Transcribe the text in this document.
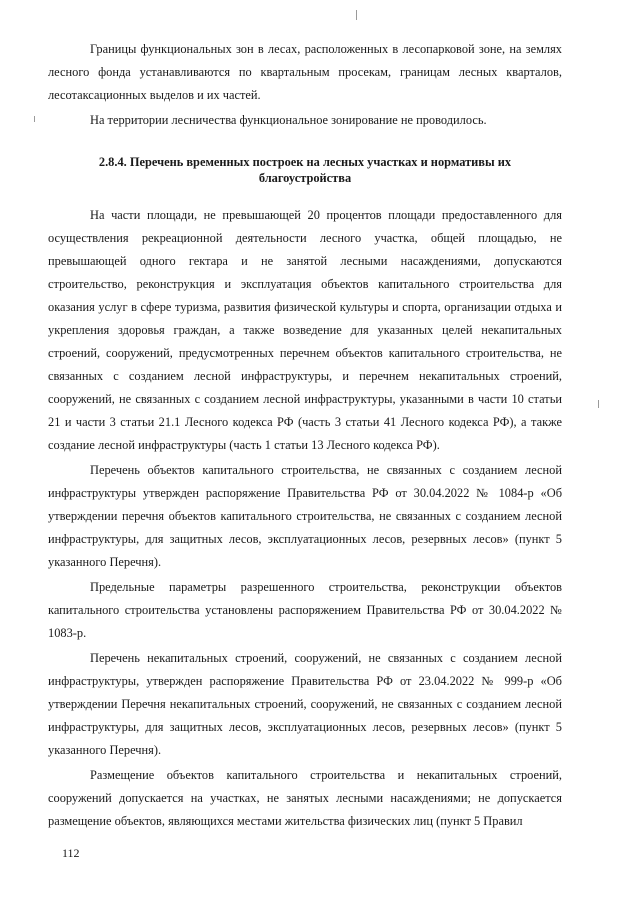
Границы функциональных зон в лесах, расположенных в лесопарковой зоне, на землях лесного фонда устанавливаются по квартальным просекам, границам лесных кварталов, лесотаксационных выделов и их частей.

На территории лесничества функциональное зонирование не проводилось.

2.8.4. Перечень временных построек на лесных участках и нормативы их благоустройства

На части площади, не превышающей 20 процентов площади предоставленного для осуществления рекреационной деятельности лесного участка, общей площадью, не превышающей одного гектара и не занятой лесными насаждениями, допускаются строительство, реконструкция и эксплуатация объектов капитального строительства для оказания услуг в сфере туризма, развития физической культуры и спорта, организации отдыха и укрепления здоровья граждан, а также возведение для указанных целей некапитальных строений, сооружений, предусмотренных перечнем объектов капитального строительства, не связанных с созданием лесной инфраструктуры, и перечнем некапитальных строений, сооружений, не связанных с созданием лесной инфраструктуры, указанными в части 10 статьи 21 и части 3 статьи 21.1 Лесного кодекса РФ (часть 3 статьи 41 Лесного кодекса РФ), а также создание лесной инфраструктуры (часть 1 статьи 13 Лесного кодекса РФ).

Перечень объектов капитального строительства, не связанных с созданием лесной инфраструктуры утвержден распоряжение Правительства РФ от 30.04.2022 № 1084-р «Об утверждении перечня объектов капитального строительства, не связанных с созданием лесной инфраструктуры, для защитных лесов, эксплуатационных лесов, резервных лесов» (пункт 5 указанного Перечня).

Предельные параметры разрешенного строительства, реконструкции объектов капитального строительства установлены распоряжением Правительства РФ от 30.04.2022 № 1083-р.

Перечень некапитальных строений, сооружений, не связанных с созданием лесной инфраструктуры, утвержден распоряжение Правительства РФ от 23.04.2022 № 999-р «Об утверждении Перечня некапитальных строений, сооружений, не связанных с созданием лесной инфраструктуры, для защитных лесов, эксплуатационных лесов, резервных лесов» (пункт 5 указанного Перечня).

Размещение объектов капитального строительства и некапитальных строений, сооружений допускается на участках, не занятых лесными насаждениями; не допускается размещение объектов, являющихся местами жительства физических лиц (пункт 5 Правил

112
